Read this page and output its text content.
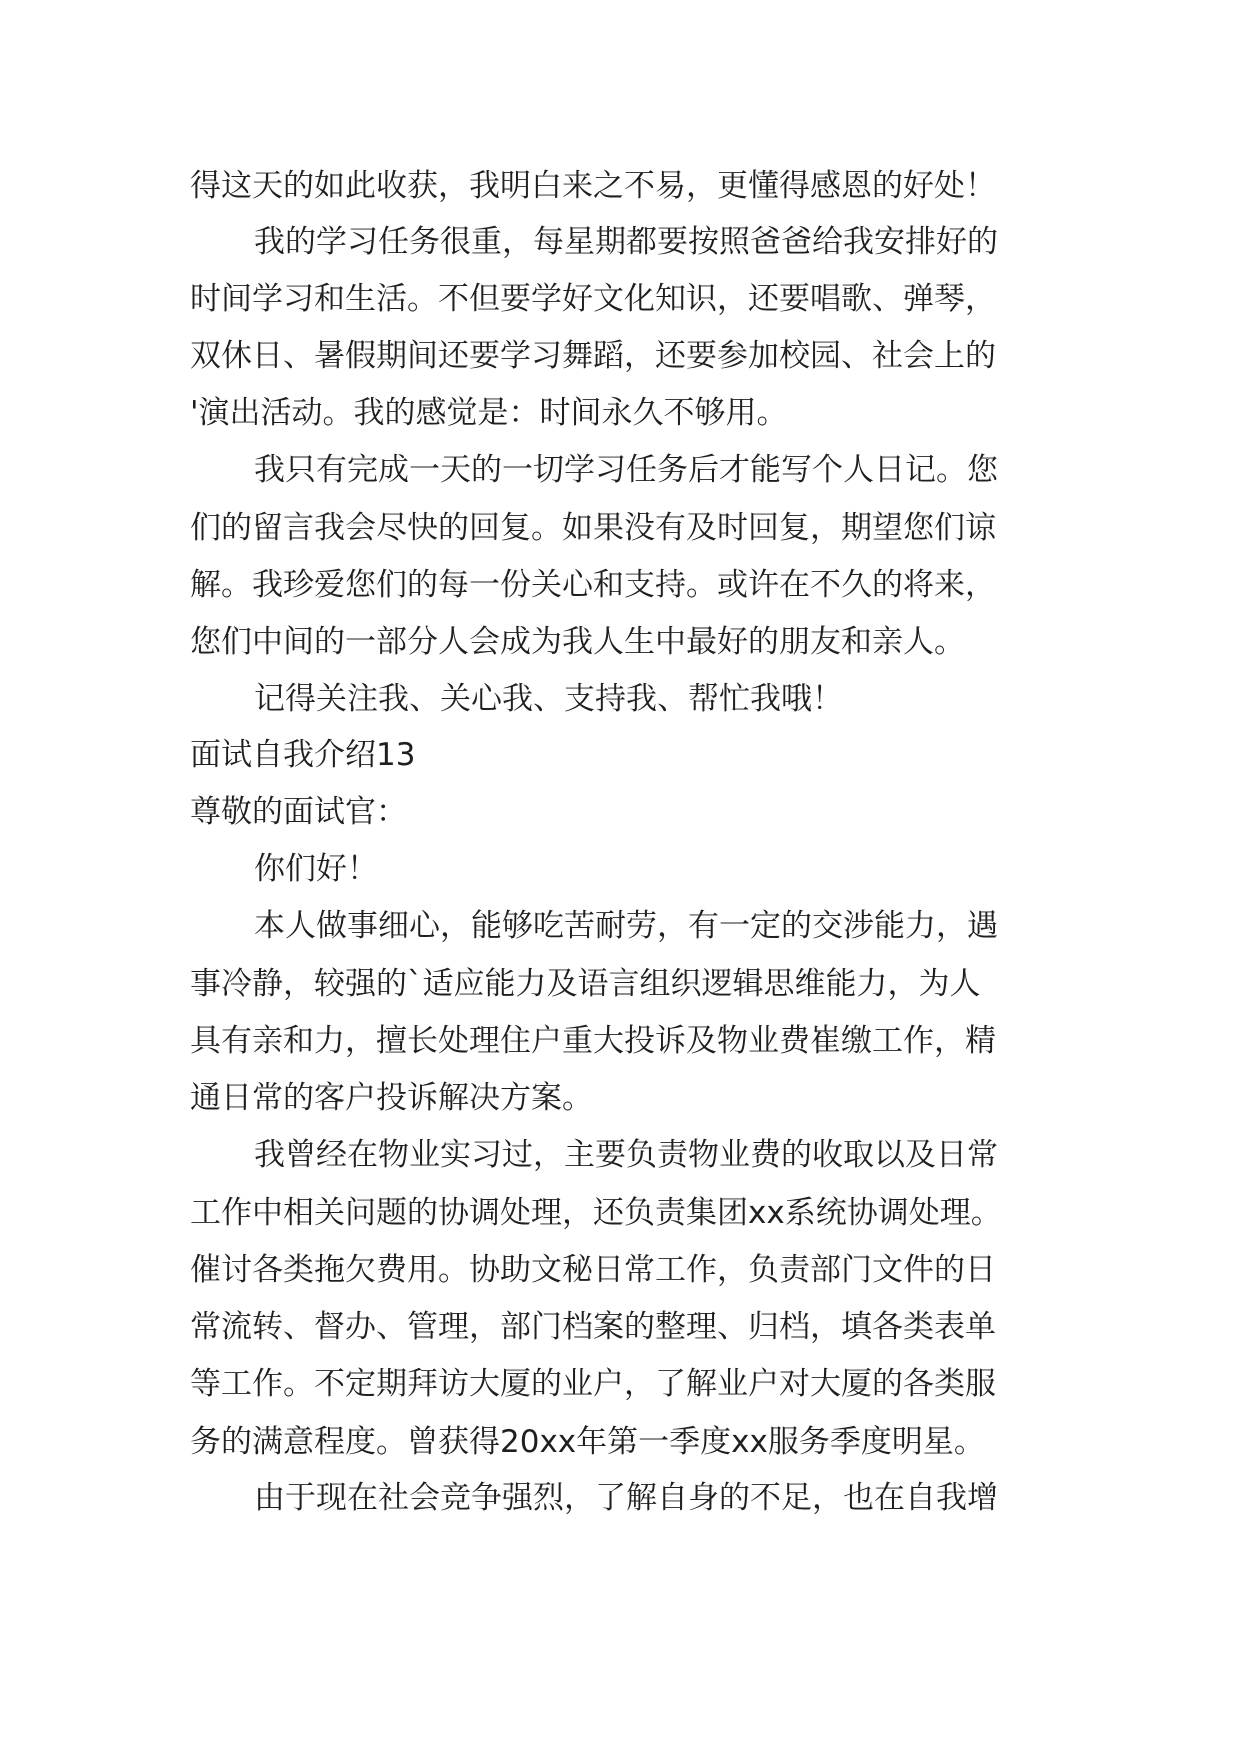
得这天的如此收获，我明白来之不易，更懂得感恩的好处！
我的学习任务很重，每星期都要按照爸爸给我安排好的
时间学习和生活。不但要学好文化知识，还要唱歌、弹琴，
双休日、暑假期间还要学习舞蹈，还要参加校园、社会上的
'演出活动。我的感觉是：时间永久不够用。
我只有完成一天的一切学习任务后才能写个人日记。您
们的留言我会尽快的回复。如果没有及时回复，期望您们谅
解。我珍爱您们的每一份关心和支持。或许在不久的将来，
您们中间的一部分人会成为我人生中最好的朋友和亲人。
记得关注我、关心我、支持我、帮忙我哦！
面试自我介绍13
尊敬的面试官：
你们好！
本人做事细心，能够吃苦耐劳，有一定的交涉能力，遇
事冷静，较强的`适应能力及语言组织逻辑思维能力，为人
具有亲和力，擅长处理住户重大投诉及物业费崔缴工作，精
通日常的客户投诉解决方案。
我曾经在物业实习过，主要负责物业费的收取以及日常
工作中相关问题的协调处理，还负责集团xx系统协调处理。
催讨各类拖欠费用。协助文秘日常工作，负责部门文件的日
常流转、督办、管理，部门档案的整理、归档，填各类表单
等工作。不定期拜访大厦的业户，了解业户对大厦的各类服
务的满意程度。曾获得20xx年第一季度xx服务季度明星。
由于现在社会竞争强烈，了解自身的不足，也在自我增
